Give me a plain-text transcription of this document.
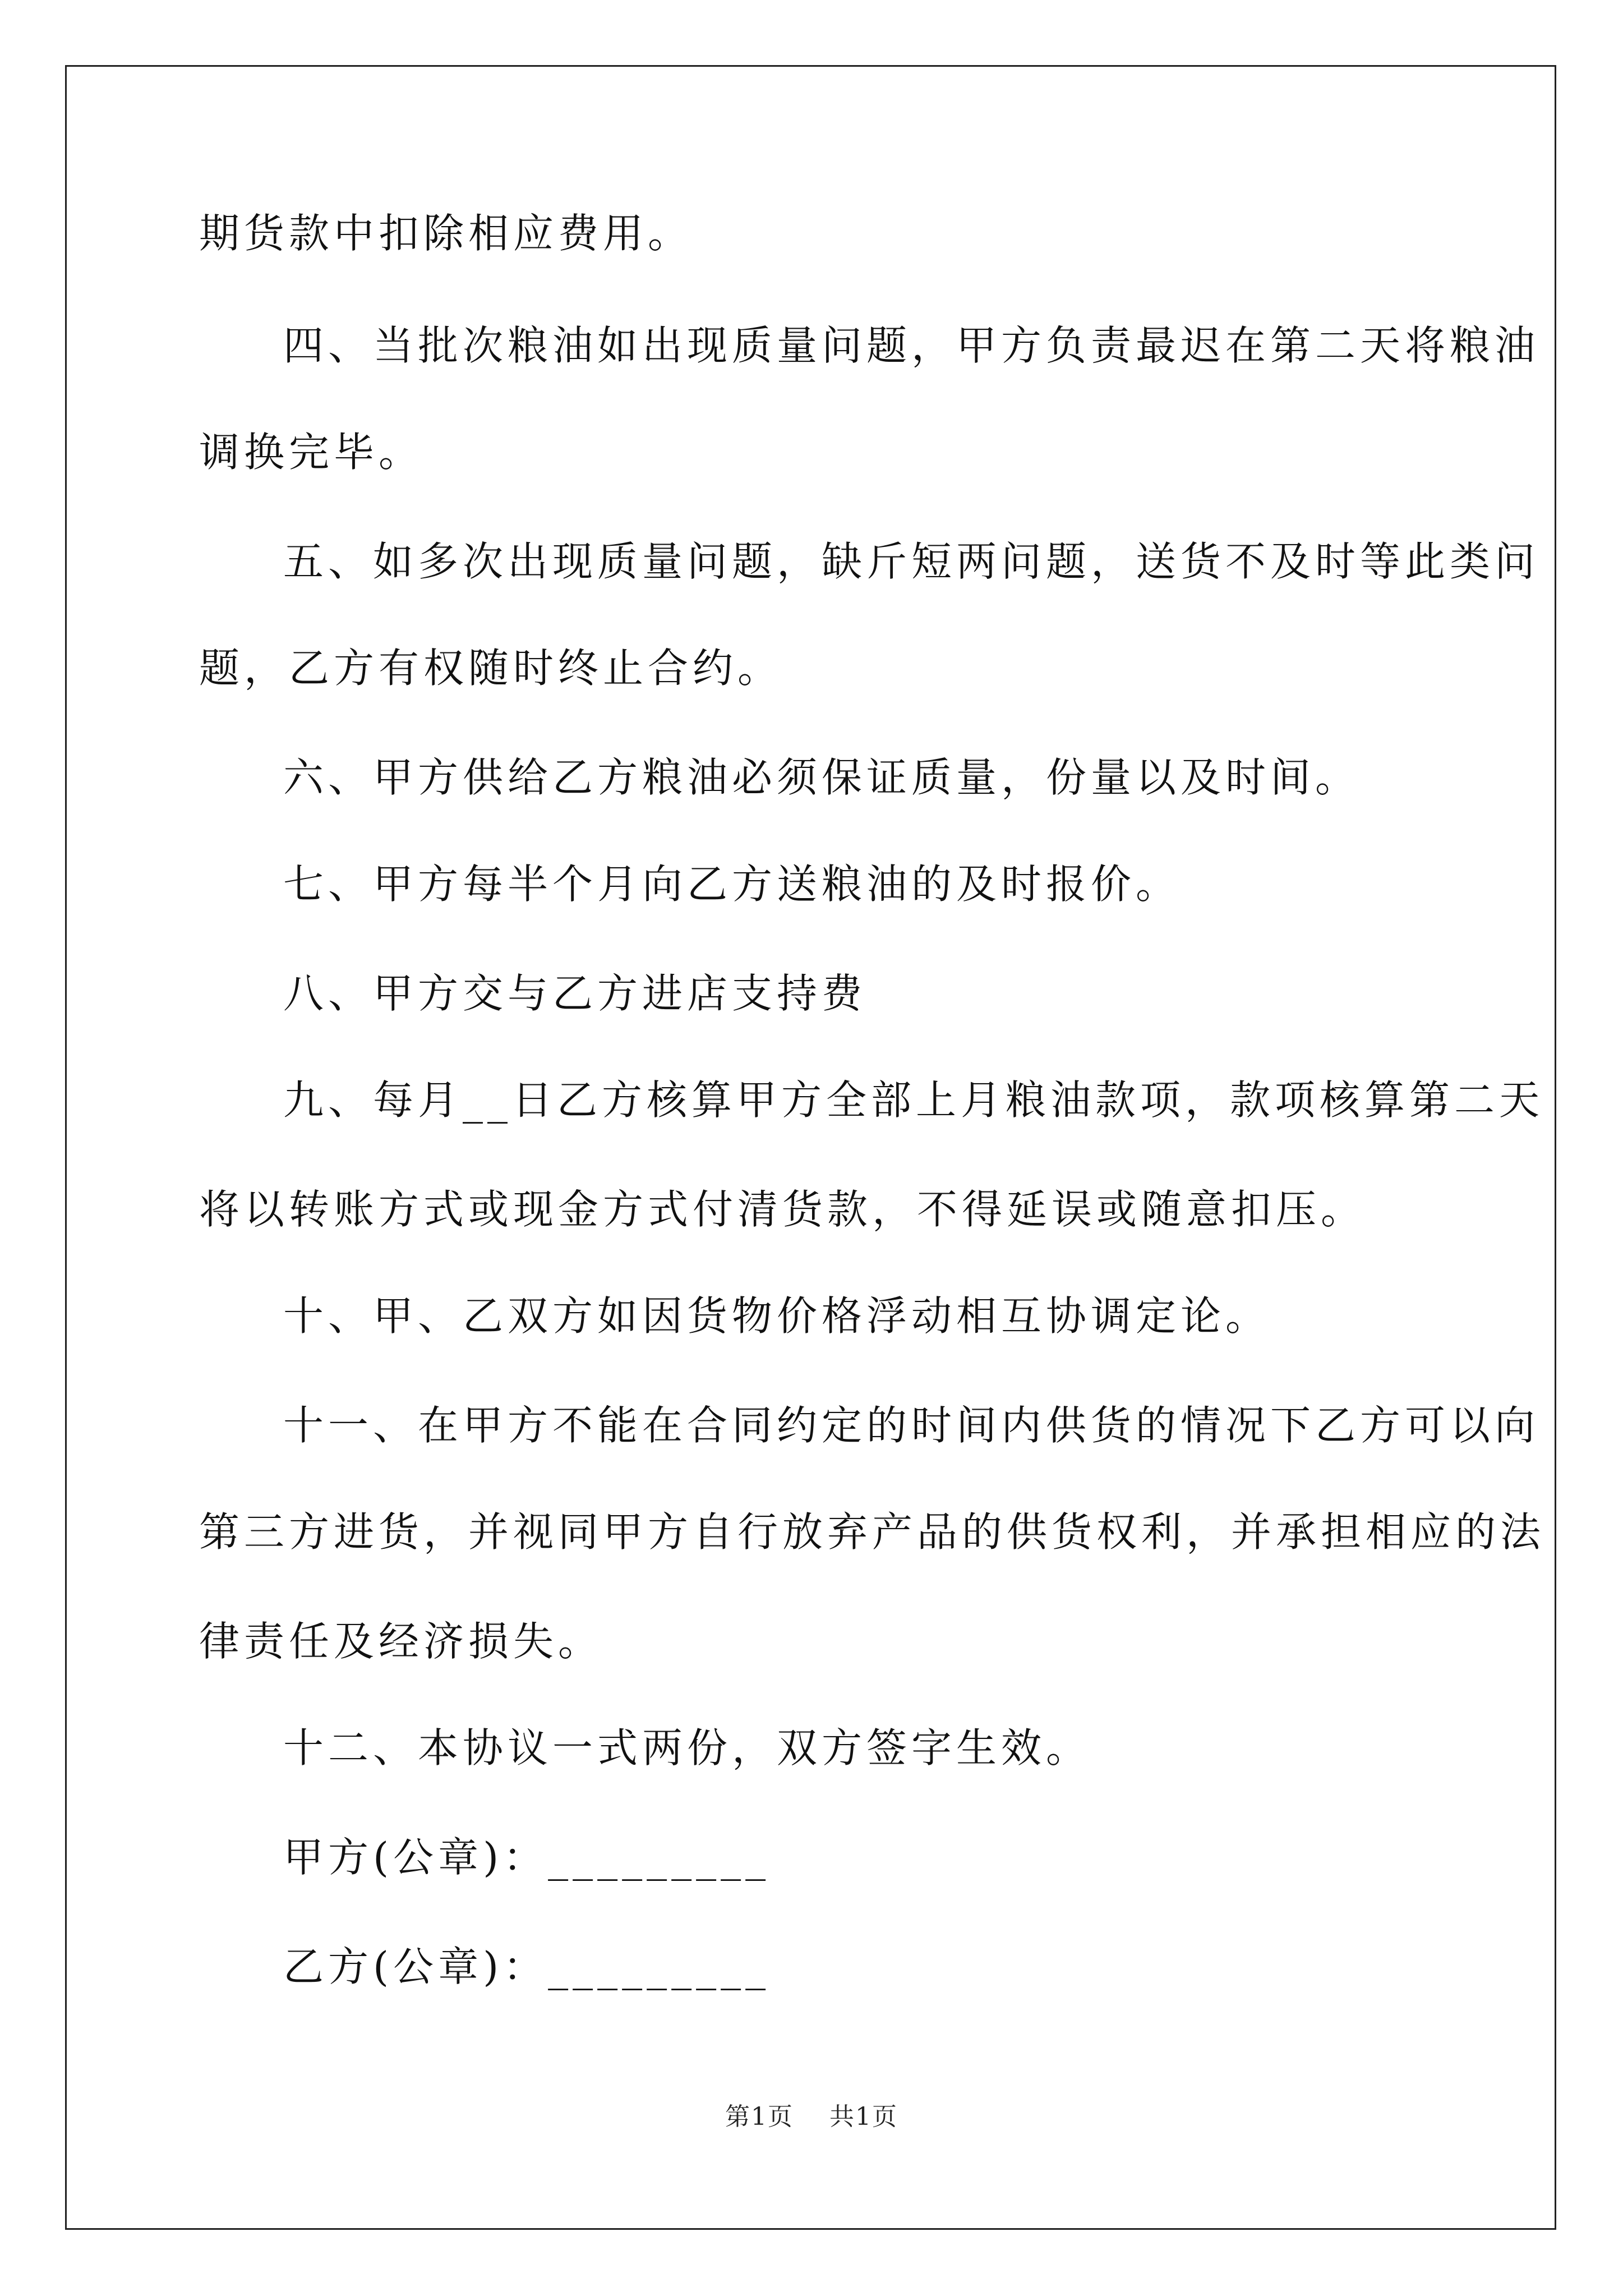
期货款中扣除相应费用。

四、当批次粮油如出现质量问题，甲方负责最迟在第二天将粮油

调换完毕。

五、如多次出现质量问题，缺斤短两问题，送货不及时等此类问

题，乙方有权随时终止合约。

六、甲方供给乙方粮油必须保证质量，份量以及时间。

七、甲方每半个月向乙方送粮油的及时报价。

八、甲方交与乙方进店支持费

九、每月__日乙方核算甲方全部上月粮油款项，款项核算第二天

将以转账方式或现金方式付清货款，不得延误或随意扣压。

十、甲、乙双方如因货物价格浮动相互协调定论。

十一、在甲方不能在合同约定的时间内供货的情况下乙方可以向

第三方进货，并视同甲方自行放弃产品的供货权利，并承担相应的法

律责任及经济损失。

十二、本协议一式两份，双方签字生效。

甲方(公章)：_________

乙方(公章)：_________

第1页 共1页
